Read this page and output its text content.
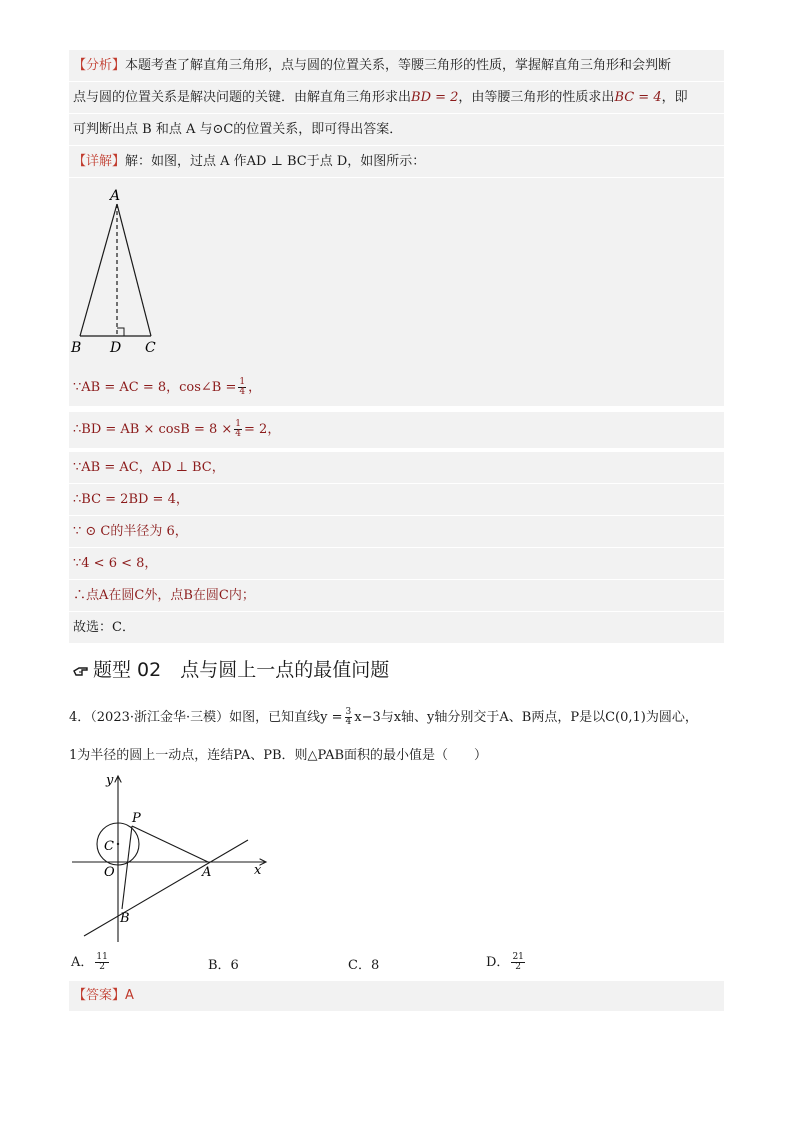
【分析】本题考查了解直角三角形，点与圆的位置关系，等腰三角形的性质，掌握解直角三角形和会判断
点与圆的位置关系是解决问题的关键．由解直角三角形求出BD = 2，由等腰三角形的性质求出BC = 4，即
可判断出点 B 和点 A 与⊙C的位置关系，即可得出答案．
【详解】解：如图，过点 A 作AD ⊥ BC于点 D，如图所示：
A
B D C
∵AB = AC = 8，cos∠B = $\frac{1}{4}$ ，
∴BD = AB × $\cos B = 8 \times \frac{1}{4} = 2$，
∵AB = AC，AD ⊥ BC，
∴BC = 2BD = 4，
∵ ⊙ C的半径为 6，
∵4 < 6 < 8，
∴点A在圆C外，点B在圆C内；
故选：C．
题型 02　点与圆上一点的最值问题
4．（2023·浙江金华·三模）如图，已知直线$y = \frac{3}{4} x-3$与x轴、y轴分别交于A、B两点，P是以C(0,1)为圆心，
1为半径的圆上一动点，连结PA、PB．则△PAB面积的最小值是（　　）
y
x
P
C
O	A
B
A． $\frac{11}{2}$	B．6	C．8	D． $\frac{21}{2}$
【答案】A
